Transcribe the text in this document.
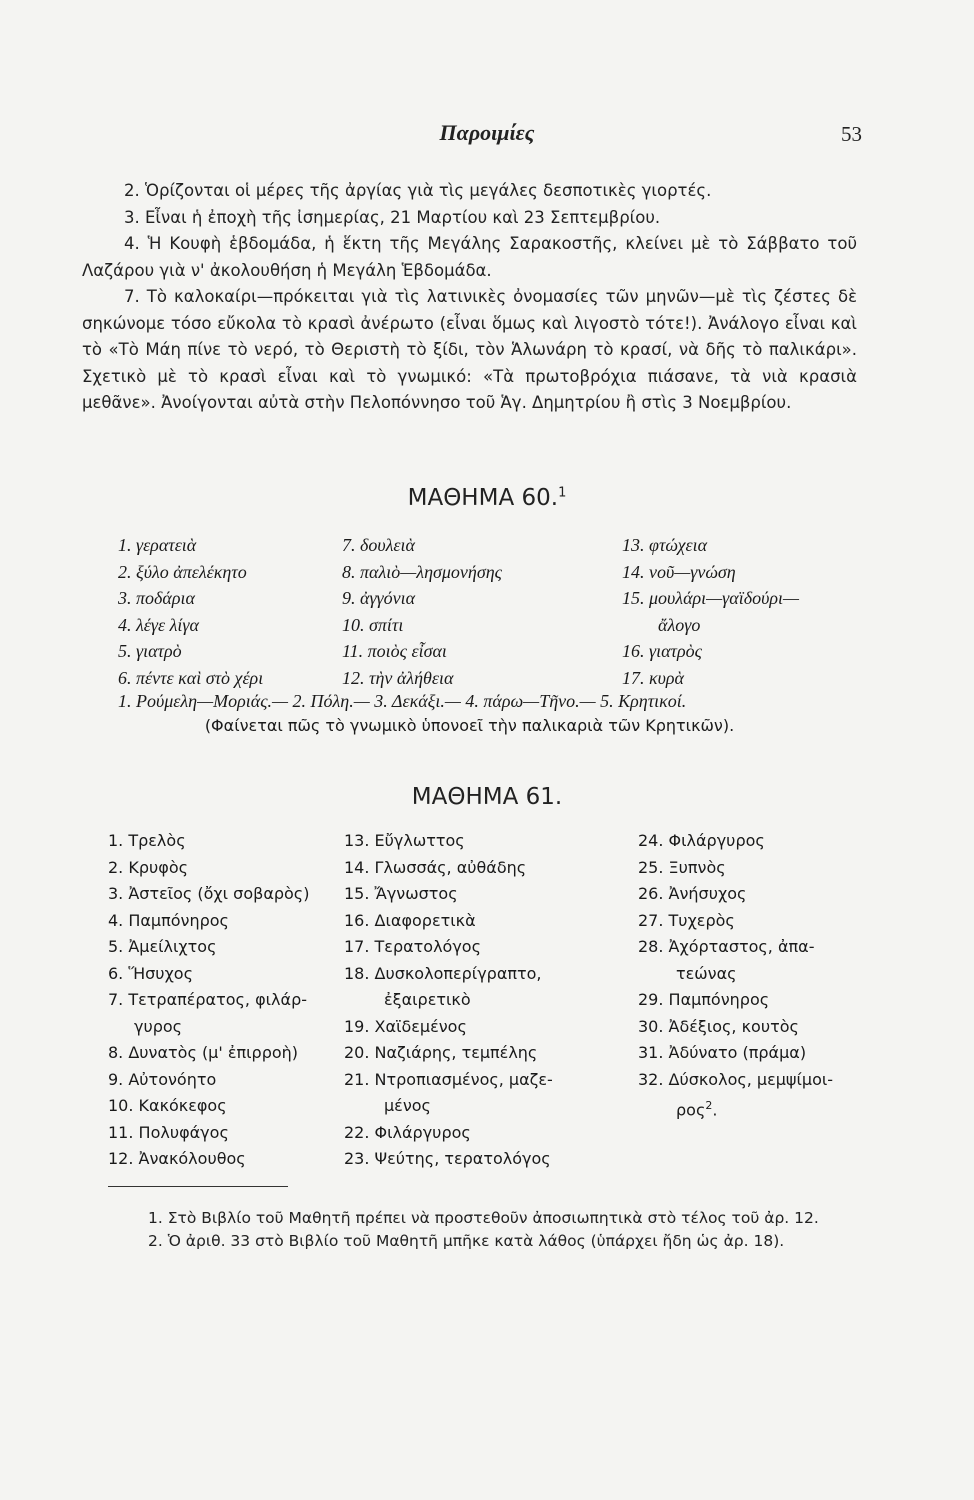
Παροιμίες	53

2. Ὁρίζονται οἱ μέρες τῆς ἀργίας γιὰ τὶς μεγάλες δεσποτικὲς γιορτές.

3. Εἶναι ἡ ἐποχὴ τῆς ἰσημερίας, 21 Μαρτίου καὶ 23 Σεπτεμβρίου.

4. Ἡ Κουφὴ ἑβδομάδα, ἡ ἕκτη τῆς Μεγάλης Σαρακοστῆς, κλείνει μὲ τὸ Σάββατο τοῦ Λαζάρου γιὰ ν' ἀκολουθήση ἡ Μεγάλη Ἑβδομάδα.

7. Τὸ καλοκαίρι—πρόκειται γιὰ τὶς λατινικὲς ὀνομασίες τῶν μηνῶν—μὲ τὶς ζέστες δὲ σηκώνομε τόσο εὔκολα τὸ κρασὶ ἀνέρωτο (εἶναι ὅμως καὶ λιγοστὸ τότε!). Ἀνάλογο εἶναι καὶ τὸ «Τὸ Μάη πίνε τὸ νερό, τὸ Θεριστὴ τὸ ξίδι, τὸν Ἁλωνάρη τὸ κρασί, νὰ δῆς τὸ παλικάρι». Σχετικὸ μὲ τὸ κρασὶ εἶναι καὶ τὸ γνωμικό: «Τὰ πρωτοβρόχια πιάσανε, τὰ νιὰ κρασιὰ μεθᾶνε». Ἀνοίγονται αὐτὰ στὴν Πελοπόννησο τοῦ Ἁγ. Δημητρίου ἢ στὶς 3 Νοεμβρίου.

ΜΑΘΗΜΑ 60.$^1$
1. γερατειὰ
2. ξύλο ἀπελέκητο
3. ποδάρια
4. λέγε λίγα
5. γιατρὸ
6. πέντε καὶ στὸ χέρι
7. δουλειὰ
8. παλιὸ—λησμονήσης
9. ἀγγόνια
10. σπίτι
11. ποιὸς εἶσαι
12. τὴν ἀλήθεια
13. φτώχεια
14. νοῦ—γνώση
15. μουλάρι—γαϊδούρι—
ἄλογο
16. γιατρὸς
17. κυρὰ
1. Ρούμελη—Μοριάς.— 2. Πόλη.— 3. Δεκάξι.— 4. πάρω—Τῆνο.— 5. Κρητικοί.
(Φαίνεται πῶς τὸ γνωμικὸ ὑπονοεῖ τὴν παλικαριὰ τῶν Κρητικῶν).
ΜΑΘΗΜΑ 61.
1. Τρελὸς
2. Κρυφὸς
3. Ἀστεῖος (ὄχι σοβαρὸς)
4. Παμπόνηρος
5. Ἀμείλιχτος
6. Ἥσυχος
7. Τετραπέρατος, φιλάρ-
γυρος
8. Δυνατὸς (μ' ἐπιρροὴ)
9. Αὐτονόητο
10. Κακόκεφος
11. Πολυφάγος
12. Ἀνακόλουθος
13. Εὔγλωττος
14. Γλωσσάς, αὐθάδης
15. Ἄγνωστος
16. Διαφορετικὰ
17. Τερατολόγος
18. Δυσκολοπερίγραπτο,
ἐξαιρετικὸ
19. Χαϊδεμένος
20. Ναζιάρης, τεμπέλης
21. Ντροπιασμένος, μαζε-
μένος
22. Φιλάργυρος
23. Ψεύτης, τερατολόγος
24. Φιλάργυρος
25. Ξυπνὸς
26. Ἀνήσυχος
27. Τυχερὸς
28. Ἀχόρταστος, ἀπα-
τεώνας
29. Παμπόνηρος
30. Ἀδέξιος, κουτὸς
31. Ἀδύνατο (πράμα)
32. Δύσκολος, μεμψίμοι-
ρος$^2$.

1. Στὸ Βιβλίο τοῦ Μαθητῆ πρέπει νὰ προστεθοῦν ἀποσιωπητικὰ στὸ τέλος τοῦ ἀρ. 12.

2. Ὁ ἀριθ. 33 στὸ Βιβλίο τοῦ Μαθητῆ μπῆκε κατὰ λάθος (ὑπάρχει ἤδη ὡς ἀρ. 18).
